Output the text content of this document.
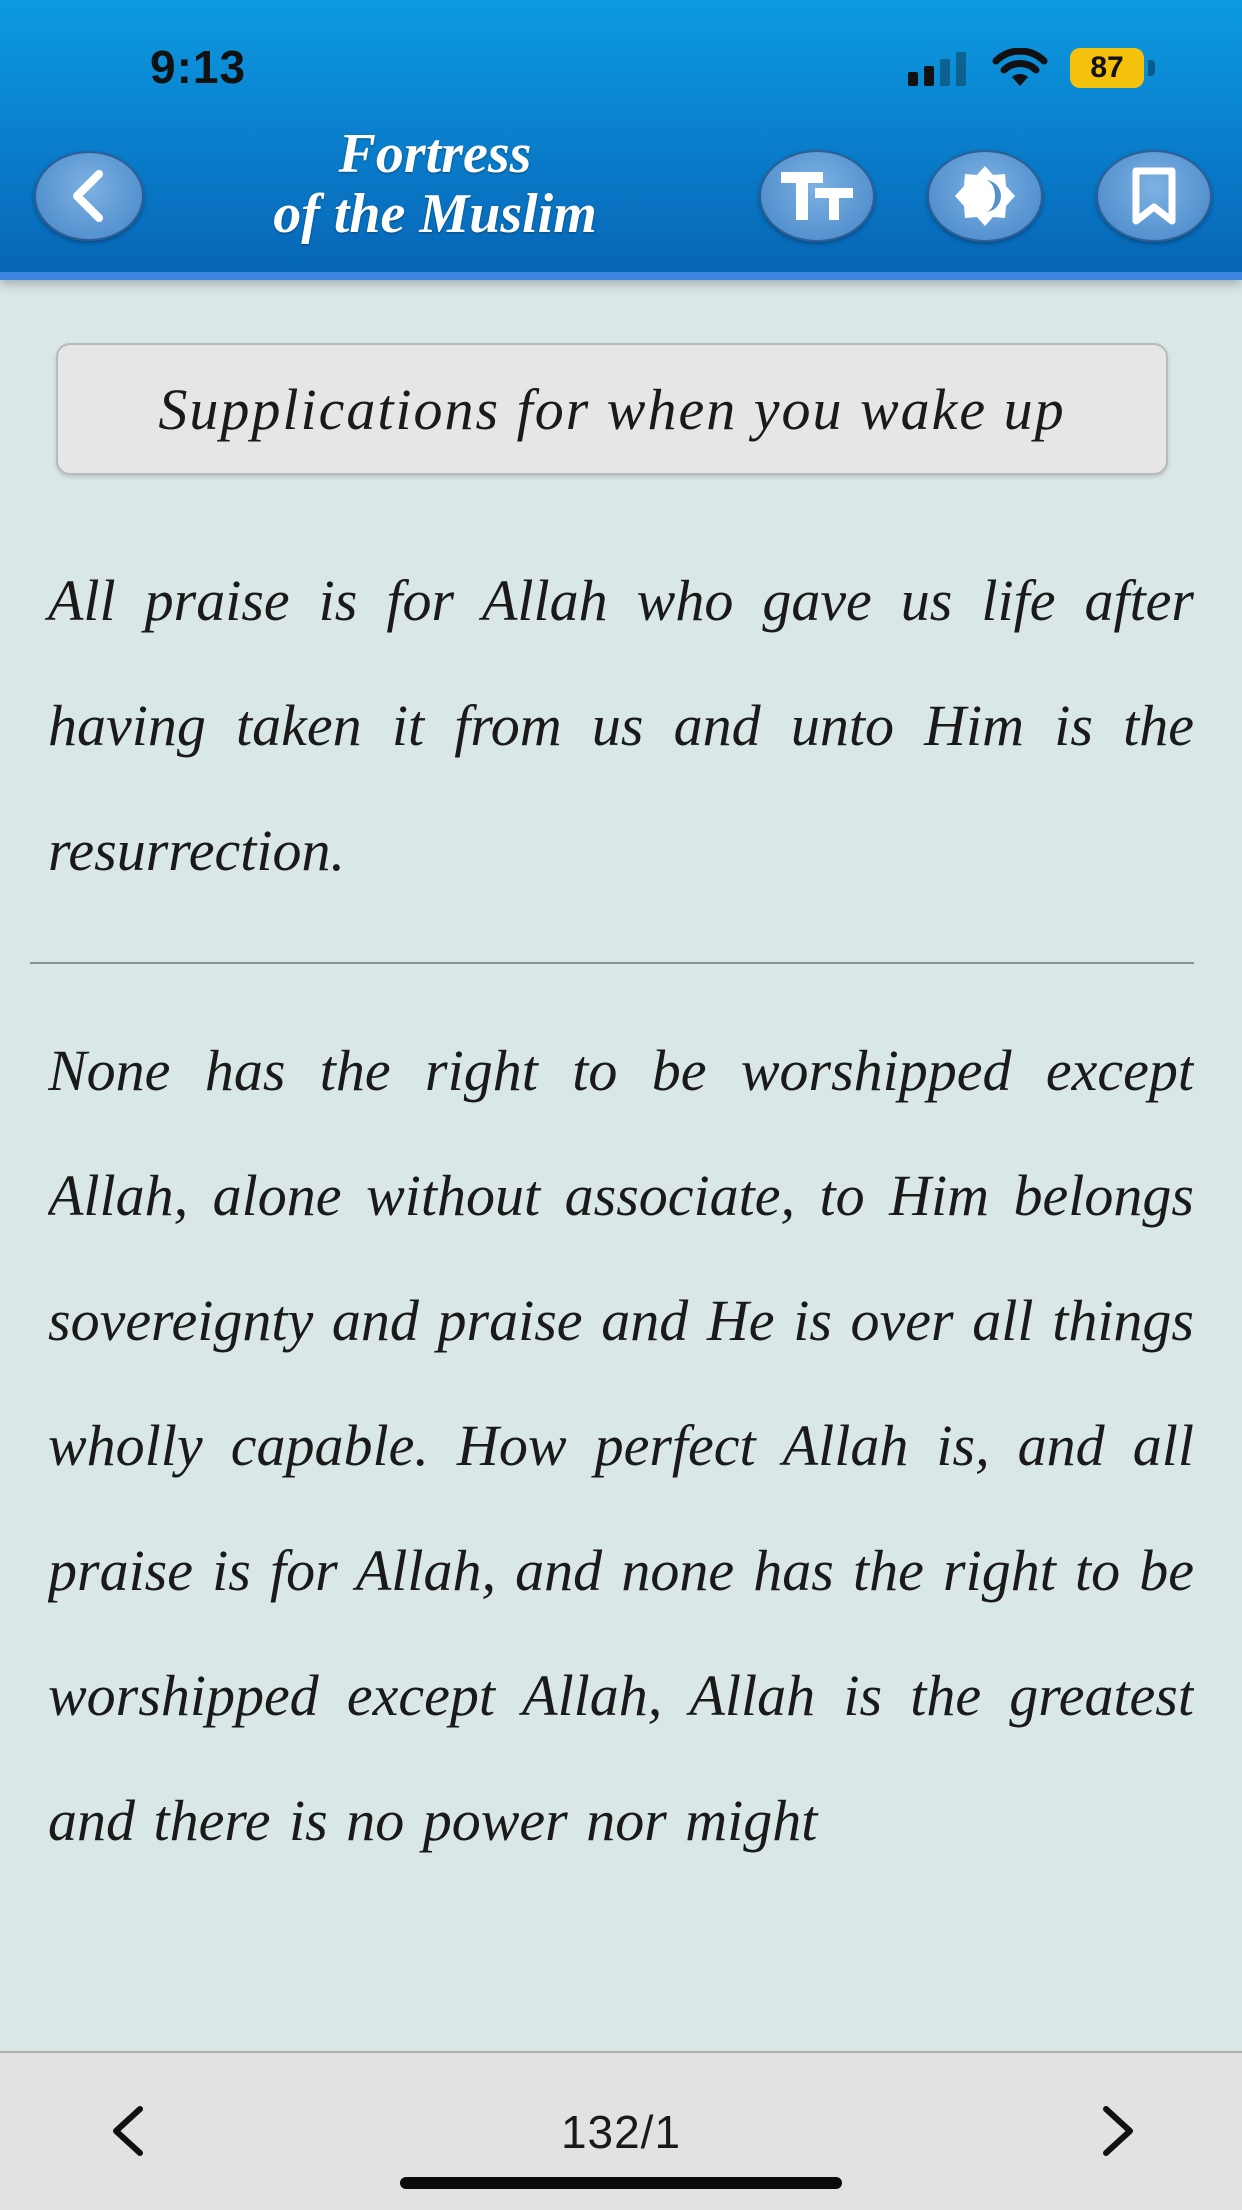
9:13	87
Fortress
of the Muslim
Supplications for when you wake up

All praise is for Allah who gave us life after having taken it from us and unto Him is the resurrection.

None has the right to be worshipped except Allah, alone without associate, to Him belongs sovereignty and praise and He is over all things wholly capable. How perfect Allah is, and all praise is for Allah, and none has the right to be worshipped except Allah, Allah is the greatest and there is no power nor might

132/1
